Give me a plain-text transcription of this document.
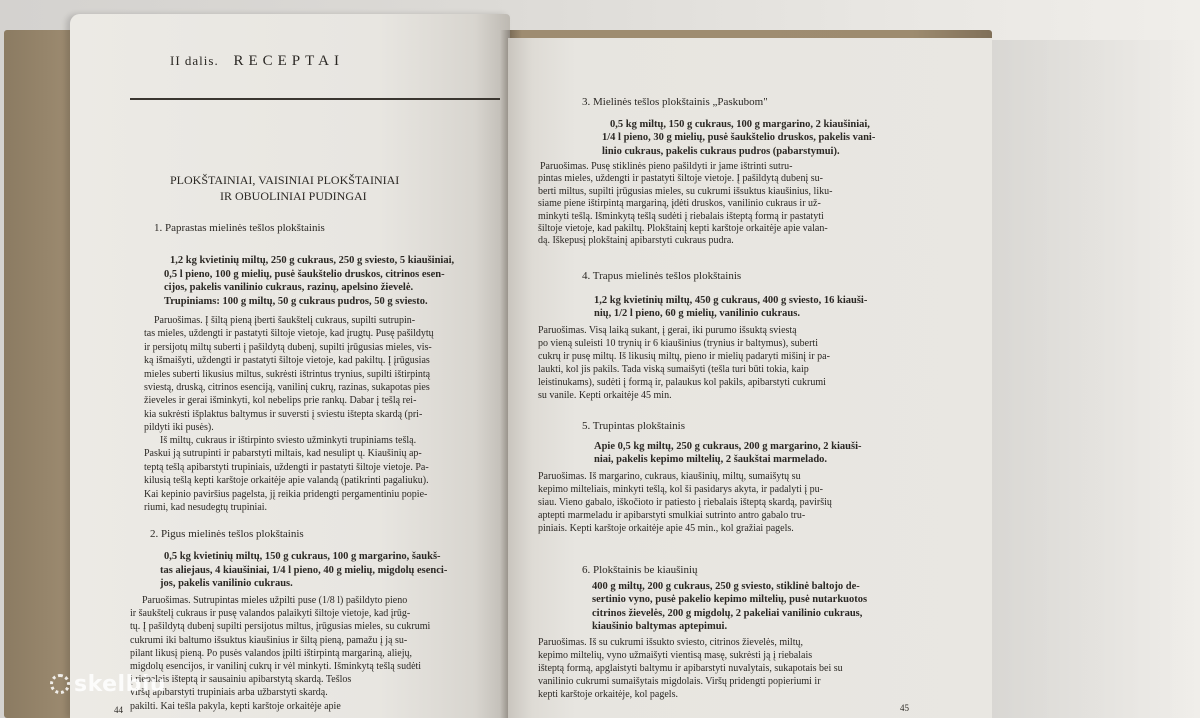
II dalis. RECEPTAI
PLOKŠTAINIAI, VAISINIAI PLOKŠTAINIAI
IR OBUOLINIAI PUDINGAI
1. Paprastas mielinės tešlos plokštainis
1,2 kg kvietinių miltų, 250 g cukraus, 250 g sviesto, 5 kiaušiniai,
0,5 l pieno, 100 g mielių, pusė šaukštelio druskos, citrinos esen-
cijos, pakelis vanilinio cukraus, razinų, apelsino žievelė.
Trupiniams: 100 g miltų, 50 g cukraus pudros, 50 g sviesto.
Paruošimas. Į šiltą pieną įberti šaukštelį cukraus, supilti sutrupin-
tas mieles, uždengti ir pastatyti šiltoje vietoje, kad įrugtų. Pusę pašildytų
ir persijotų miltų suberti į pašildytą dubenį, supilti įrūgusias mieles, vis-
ką išmaišyti, uždengti ir pastatyti šiltoje vietoje, kad pakiltų. Į įrūgusias
mieles suberti likusius miltus, sukrėsti ištrintus trynius, supilti ištirpintą
sviestą, druską, citrinos esenciją, vanilinį cukrų, razinas, sukapotas pies
žieveles ir gerai išminkyti, kol nebelips prie rankų. Dabar į tešlą rei-
kia sukrėsti išplaktus baltymus ir suversti į sviestu ištepta skardą (pri-
pildyti iki pusės).
Iš miltų, cukraus ir ištirpinto sviesto užminkyti trupiniams tešlą.
Paskui ją sutrupinti ir pabarstyti miltais, kad nesulipt ų. Kiaušinių ap-
teptą tešlą apibarstyti trupiniais, uždengti ir pastatyti šiltoje vietoje. Pa-
kilusią tešlą kepti karštoje orkaitėje apie valandą (patikrinti pagaliuku).
Kai kepinio paviršius pagelsta, jį reikia pridengti pergamentiniu popie-
riumi, kad nesudegtų trupiniai.
2. Pigus mielinės tešlos plokštainis
0,5 kg kvietinių miltų, 150 g cukraus, 100 g margarino, šaukš-
tas aliejaus, 4 kiaušiniai, 1/4 l pieno, 40 g mielių, migdolų esenci-
jos, pakelis vanilinio cukraus.
Paruošimas. Sutrupintas mieles užpilti puse (1/8 l) pašildyto pieno
ir šaukštelį cukraus ir pusę valandos palaikyti šiltoje vietoje, kad įrūg-
tų. Į pašildytą dubenį supilti persijotus miltus, įrūgusias mieles, su cukrumi
cukrumi iki baltumo išsuktus kiaušinius ir šiltą pieną, pamažu į ją su-
pilant likusį pieną. Po pusės valandos įpilti ištirpintą margariną, aliejų,
migdolų esencijos, ir vanilinį cukrų ir vėl minkyti. Išminkytą tešlą sudėti
į riebalais išteptą ir sausainiu apibarstytą skardą. Tešlos
viršų apibarstyti trupiniais arba užbarstyti skardą.
pakilti. Kai tešla pakyla, kepti karštoje orkaitėje apie
44
3. Mielinės tešlos plokštainis „Paskubom"
0,5 kg miltų, 150 g cukraus, 100 g margarino, 2 kiaušiniai,
1/4 l pieno, 30 g mielių, pusė šaukštelio druskos, pakelis vani-
linio cukraus, pakelis cukraus pudros (pabarstymui).
Paruošimas. Pusę stiklinės pieno pašildyti ir jame ištrinti sutru-
pintas mieles, uždengti ir pastatyti šiltoje vietoje. Į pašildytą dubenį su-
berti miltus, supilti įrūgusias mieles, su cukrumi išsuktus kiaušinius, liku-
siame piene ištirpintą margariną, įdėti druskos, vanilinio cukraus ir už-
minkyti tešlą. Išminkytą tešlą sudėti į riebalais išteptą formą ir pastatyti
šiltoje vietoje, kad pakiltų. Plokštainį kepti karštoje orkaitėje apie valan-
dą. Iškepusį plokštainį apibarstyti cukraus pudra.
4. Trapus mielinės tešlos plokštainis
1,2 kg kvietinių miltų, 450 g cukraus, 400 g sviesto, 16 kiauši-
nių, 1/2 l pieno, 60 g mielių, vanilinio cukraus.
Paruošimas. Visą laiką sukant, į gerai, iki purumo išsuktą sviestą
po vieną suleisti 10 trynių ir 6 kiaušinius (trynius ir baltymus), suberti
cukrų ir pusę miltų. Iš likusių miltų, pieno ir mielių padaryti mišinį ir pa-
laukti, kol jis pakils. Tada viską sumaišyti (tešla turi būti tokia, kaip
leistinukams), sudėti į formą ir, palaukus kol pakils, apibarstyti cukrumi
su vanile. Kepti orkaitėje 45 min.
5. Trupintas plokštainis
Apie 0,5 kg miltų, 250 g cukraus, 200 g margarino, 2 kiauši-
niai, pakelis kepimo miltelių, 2 šaukštai marmelado.
Paruošimas. Iš margarino, cukraus, kiaušinių, miltų, sumaišytų su
kepimo milteliais, minkyti tešlą, kol ši pasidarys akyta, ir padalyti į pu-
siau. Vieno gabalo, iškočioto ir patiesto į riebalais išteptą skardą, paviršių
aptepti marmeladu ir apibarstyti smulkiai sutrinto antro gabalo tru-
piniais. Kepti karštoje orkaitėje apie 45 min., kol gražiai pagels.
6. Plokštainis be kiaušinių
400 g miltų, 200 g cukraus, 250 g sviesto, stiklinė baltojo de-
sertinio vyno, pusė pakelio kepimo miltelių, pusė nutarkuotos
citrinos žievelės, 200 g migdolų, 2 pakeliai vanilinio cukraus,
kiaušinio baltymas aptepimui.
Paruošimas. Iš su cukrumi išsukto sviesto, citrinos žievelės, miltų,
kepimo miltelių, vyno užmaišyti vientisą masę, sukrėsti ją į riebalais
išteptą formą, apglaistyti baltymu ir apibarstyti nuvalytais, sukapotais bei su
vanilinio cukrumi sumaišytais migdolais. Viršų pridengti popieriumi ir
kepti karštoje orkaitėje, kol pagels.
45
skelbiu
